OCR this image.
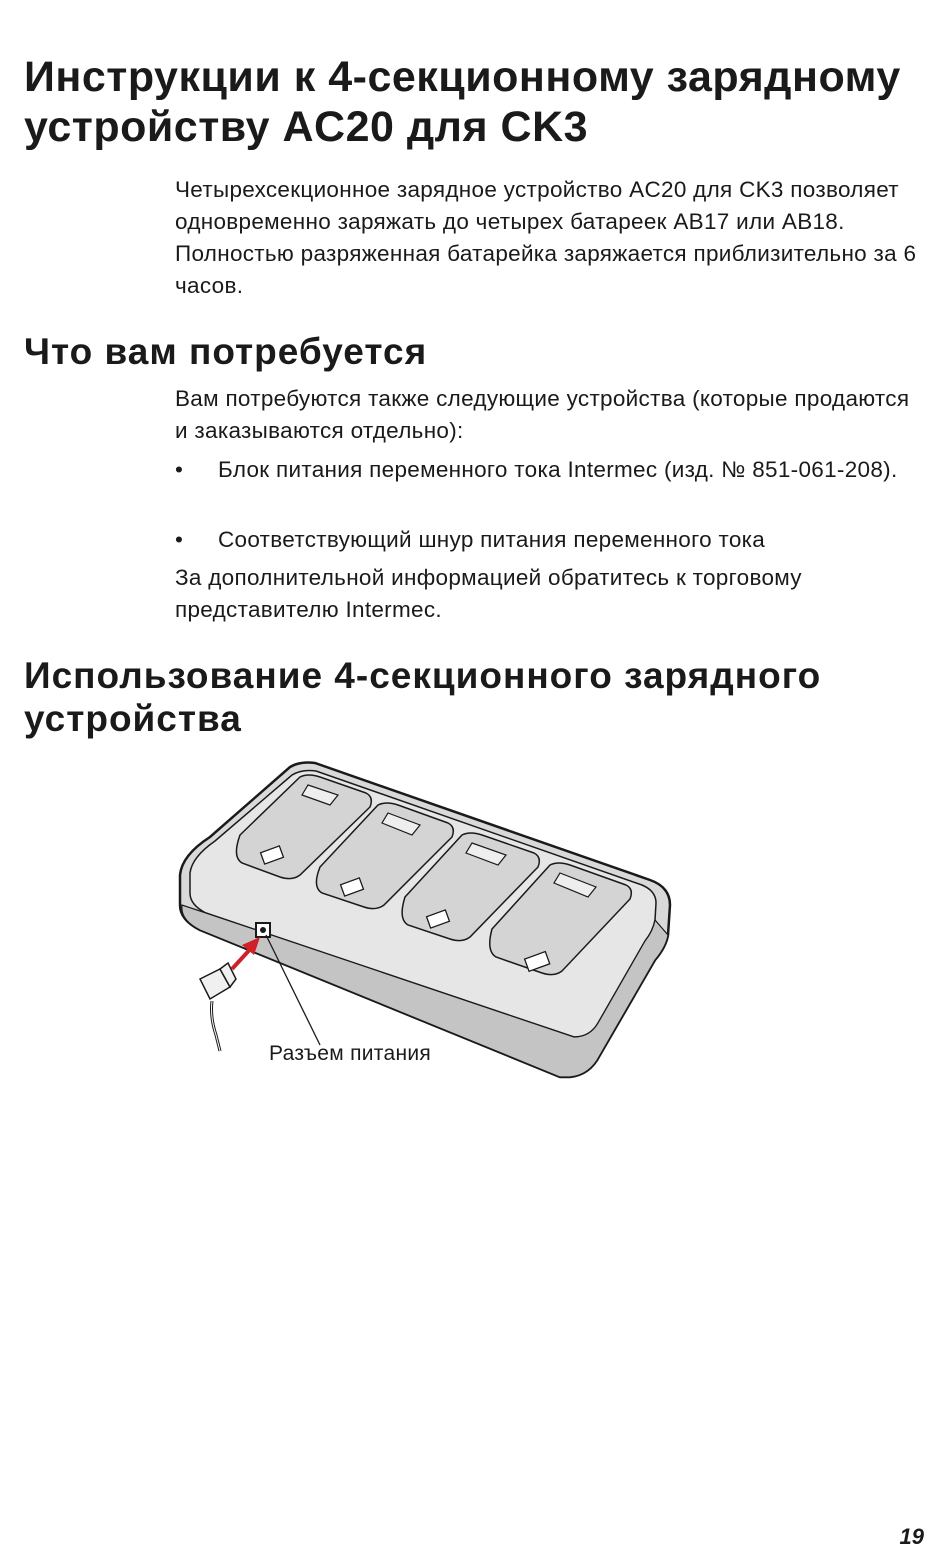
Инструкции к 4-секционному зарядному устройству AC20 для CK3

Четырехсекционное зарядное устройство AC20 для CK3 позволяет одновременно заряжать до четырех батареек AB17 или AB18. Полностью разряженная батарейка заряжается приблизительно за 6 часов.

Что вам потребуется

Вам потребуются также следующие устройства (которые продаются и заказываются отдельно):

• Блок питания переменного тока Intermec (изд. № 851-061-208).
• Соответствующий шнур питания переменного тока

За дополнительной информацией обратитесь к торговому представителю Intermec.

Использование 4-секционного зарядного устройства
Разъем питания
19
